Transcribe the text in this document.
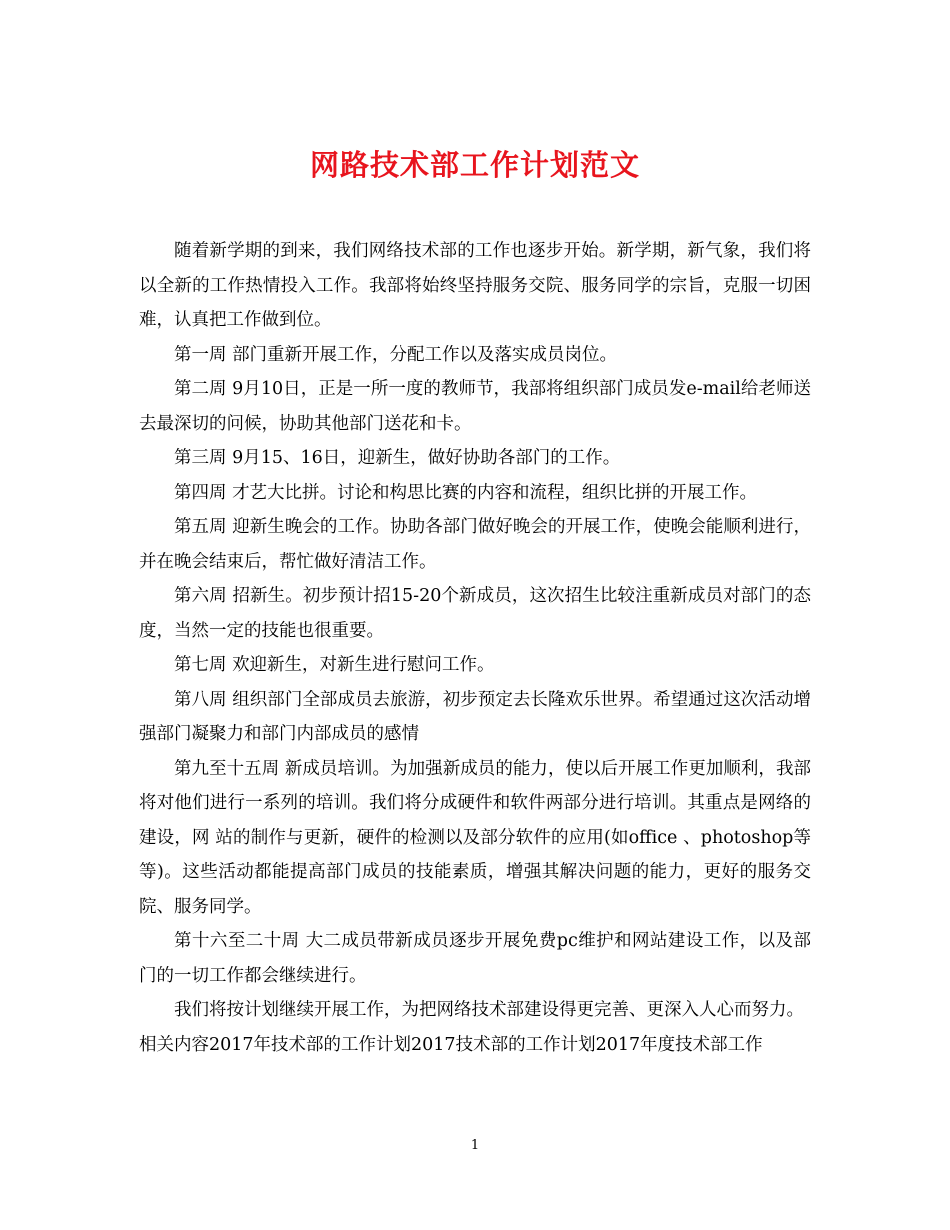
网路技术部工作计划范文

随着新学期的到来，我们网络技术部的工作也逐步开始。新学期，新气象，我们将以全新的工作热情投入工作。我部将始终坚持服务交院、服务同学的宗旨，克服一切困难，认真把工作做到位。

第一周 部门重新开展工作，分配工作以及落实成员岗位。

第二周 9月10日，正是一所一度的教师节，我部将组织部门成员发e-mail给老师送去最深切的问候，协助其他部门送花和卡。

第三周 9月15、16日，迎新生，做好协助各部门的工作。

第四周 才艺大比拼。讨论和构思比赛的内容和流程，组织比拼的开展工作。

第五周 迎新生晚会的工作。协助各部门做好晚会的开展工作，使晚会能顺利进行，并在晚会结束后，帮忙做好清洁工作。

第六周 招新生。初步预计招15-20个新成员，这次招生比较注重新成员对部门的态度，当然一定的技能也很重要。

第七周 欢迎新生，对新生进行慰问工作。

第八周 组织部门全部成员去旅游，初步预定去长隆欢乐世界。希望通过这次活动增强部门凝聚力和部门内部成员的感情

第九至十五周 新成员培训。为加强新成员的能力，使以后开展工作更加顺利，我部将对他们进行一系列的培训。我们将分成硬件和软件两部分进行培训。其重点是网络的建设，网 站的制作与更新，硬件的检测以及部分软件的应用(如office 、photoshop等等)。这些活动都能提高部门成员的技能素质，增强其解决问题的能力，更好的服务交院、服务同学。

第十六至二十周 大二成员带新成员逐步开展免费pc维护和网站建设工作，以及部门的一切工作都会继续进行。

我们将按计划继续开展工作，为把网络技术部建设得更完善、更深入人心而努力。

相关内容2017年技术部的工作计划2017技术部的工作计划2017年度技术部工作

1
